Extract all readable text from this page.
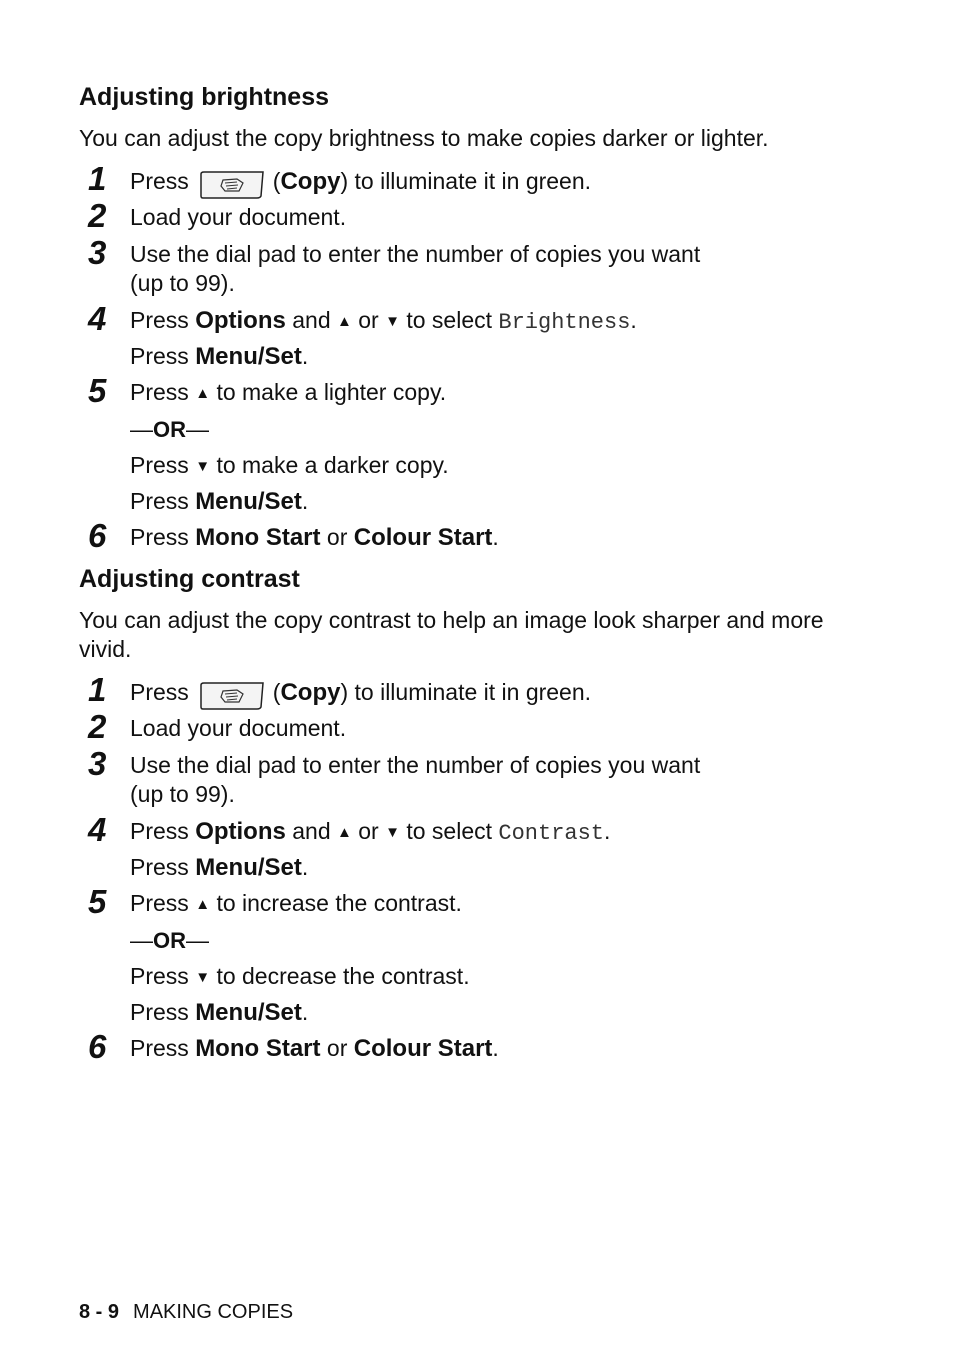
Adjusting brightness

You can adjust the copy brightness to make copies darker or lighter.

1 Press	(Copy) to illuminate it in green.
2 Load your document.
3 Use the dial pad to enter the number of copies you want
(up to 99).
4 Press Options and ▲ or ▼ to select Brightness.
Press Menu/Set.
5 Press ▲ to make a lighter copy.
—OR—
Press ▼ to make a darker copy.
Press Menu/Set.
6 Press Mono Start or Colour Start.
Adjusting contrast

You can adjust the copy contrast to help an image look sharper and more vivid.

1 Press	(Copy) to illuminate it in green.
2 Load your document.
3 Use the dial pad to enter the number of copies you want
(up to 99).
4 Press Options and ▲ or ▼ to select Contrast.
Press Menu/Set.
5 Press ▲ to increase the contrast.
—OR—
Press ▼ to decrease the contrast.
Press Menu/Set.
6 Press Mono Start or Colour Start.
8 - 9 MAKING COPIES
